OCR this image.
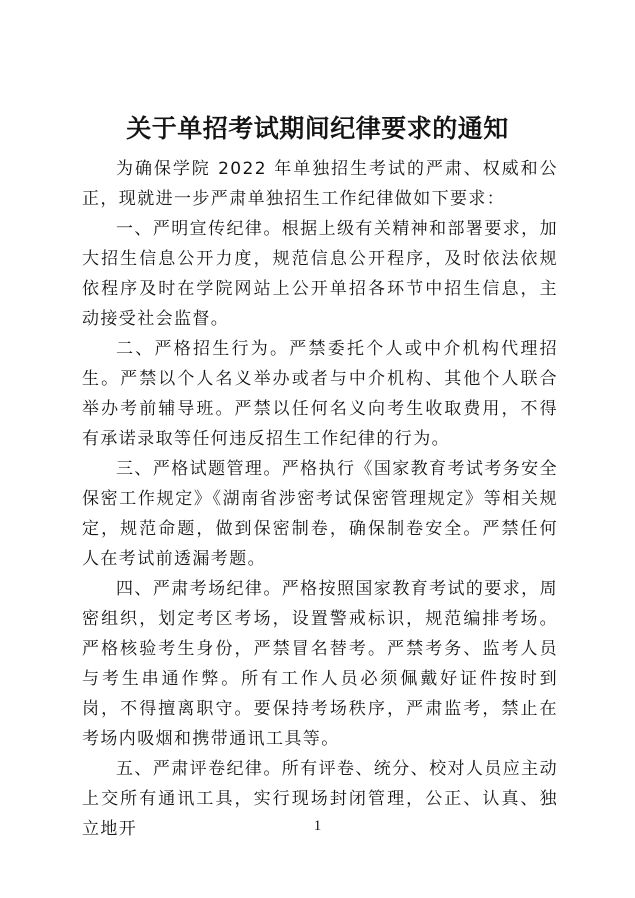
关于单招考试期间纪律要求的通知

为确保学院 2022 年单独招生考试的严肃、权威和公正，现就进一步严肃单独招生工作纪律做如下要求：

一、严明宣传纪律。根据上级有关精神和部署要求，加大招生信息公开力度，规范信息公开程序，及时依法依规依程序及时在学院网站上公开单招各环节中招生信息，主动接受社会监督。

二、严格招生行为。严禁委托个人或中介机构代理招生。严禁以个人名义举办或者与中介机构、其他个人联合举办考前辅导班。严禁以任何名义向考生收取费用，不得有承诺录取等任何违反招生工作纪律的行为。

三、严格试题管理。严格执行《国家教育考试考务安全保密工作规定》《湖南省涉密考试保密管理规定》等相关规定，规范命题，做到保密制卷，确保制卷安全。严禁任何人在考试前透漏考题。

四、严肃考场纪律。严格按照国家教育考试的要求，周密组织，划定考区考场，设置警戒标识，规范编排考场。严格核验考生身份，严禁冒名替考。严禁考务、监考人员与考生串通作弊。所有工作人员必须佩戴好证件按时到岗，不得擅离职守。要保持考场秩序，严肃监考，禁止在考场内吸烟和携带通讯工具等。

五、严肃评卷纪律。所有评卷、统分、校对人员应主动上交所有通讯工具，实行现场封闭管理，公正、认真、独立地开	1
